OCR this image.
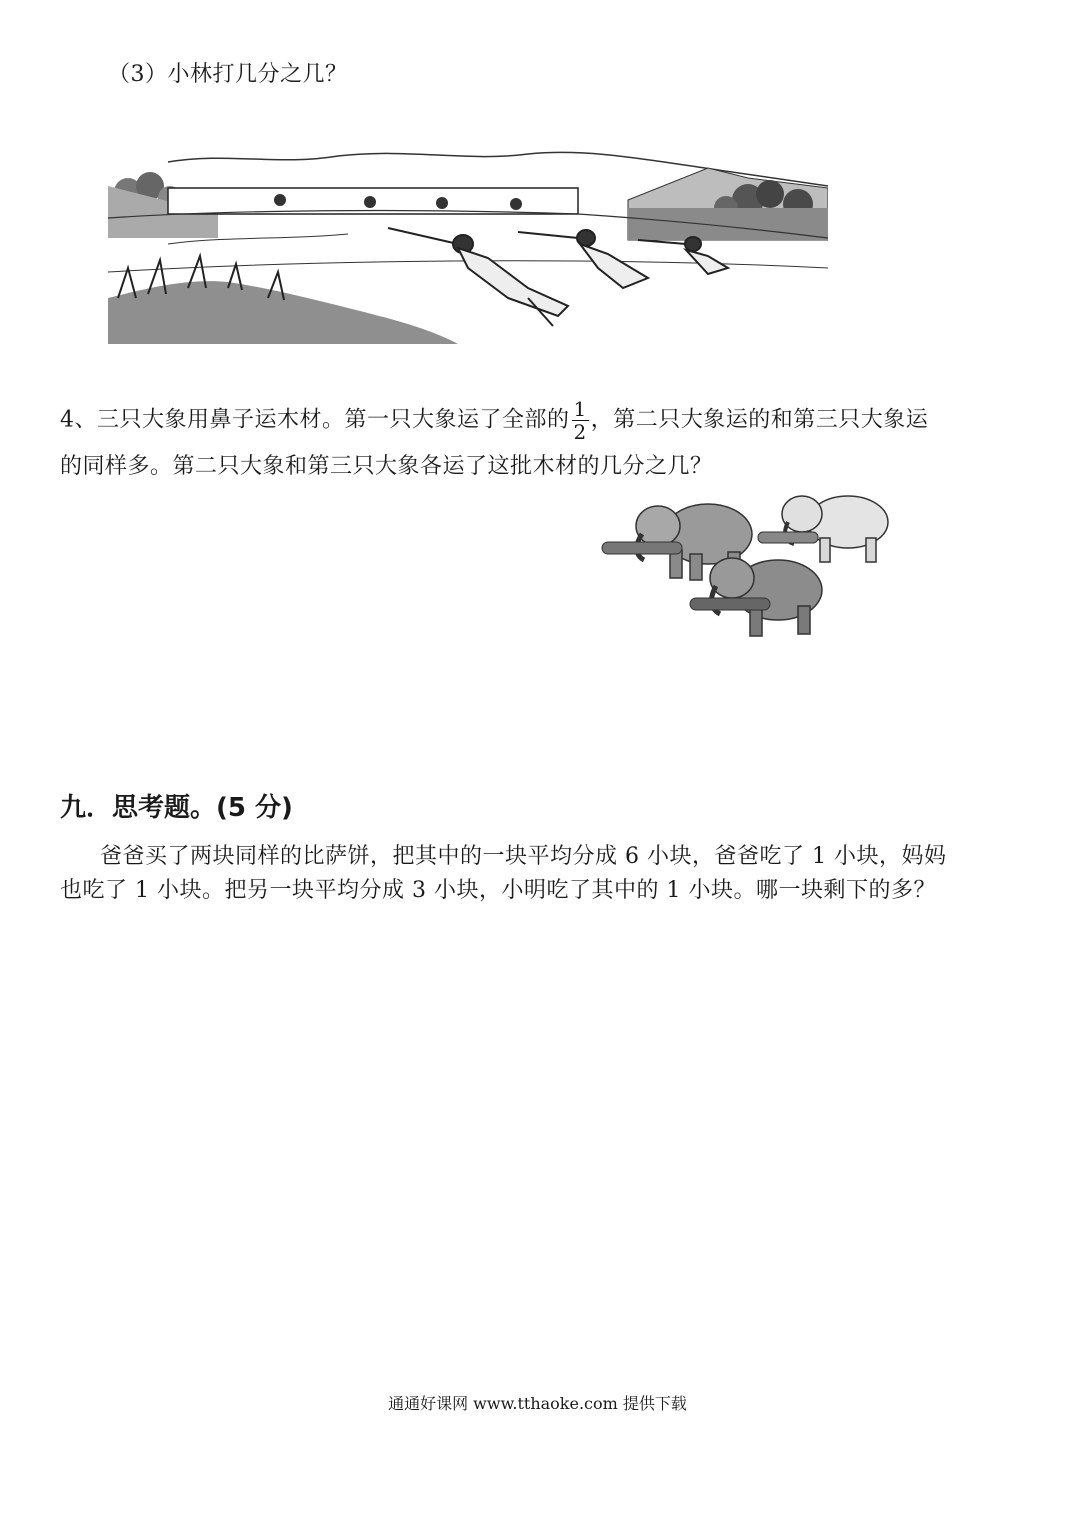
（3）小林打几分之几？
4、三只大象用鼻子运木材。第一只大象运了全部的 $\frac{1}{2}$ ，第二只大象运的和第三只大象运
的同样多。第二只大象和第三只大象各运了这批木材的几分之几？
九．思考题。(5 分)
爸爸买了两块同样的比萨饼，把其中的一块平均分成 6 小块，爸爸吃了 1 小块，妈妈
也吃了 1 小块。把另一块平均分成 3 小块，小明吃了其中的 1 小块。哪一块剩下的多？
通通好课网 www.tthaoke.com 提供下载
